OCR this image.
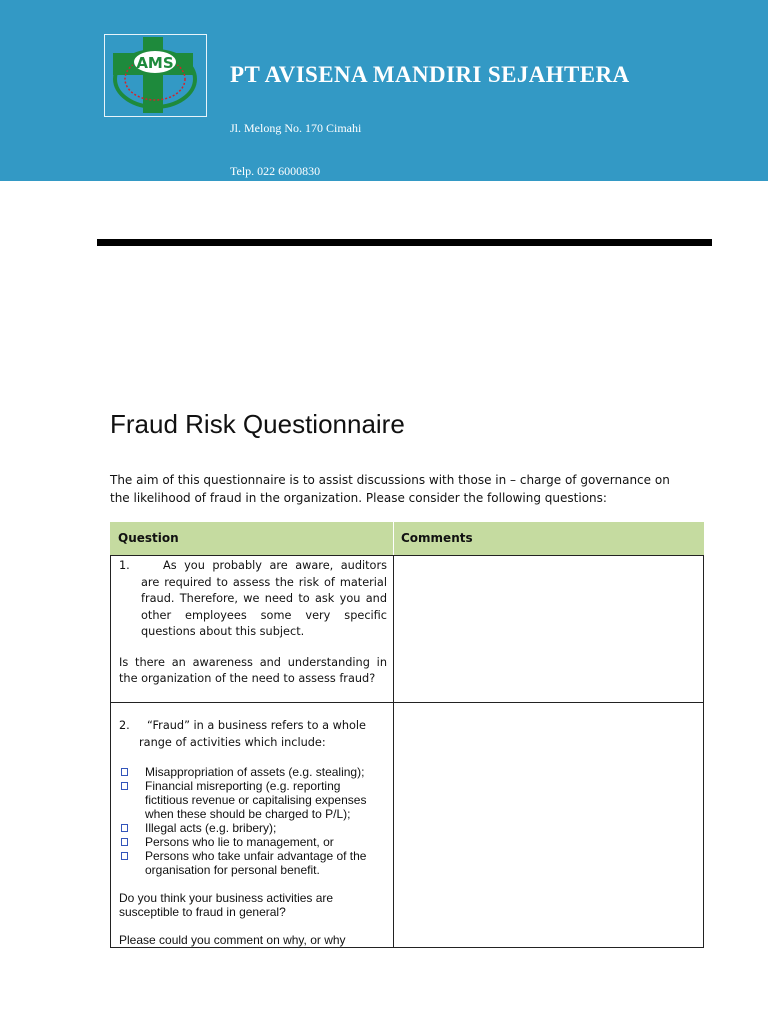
AMS PT AVISENA MANDIRI SEJAHTERA
Jl. Melong No. 170 Cimahi
Telp. 022 6000830
Fraud Risk Questionnaire
The aim of this questionnaire is to assist discussions with those in – charge of governance on the likelihood of fraud in the organization. Please consider the following questions:
Question	Comments
1.	As you probably are aware, auditors are required to assess the risk of material fraud. Therefore, we need to ask you and other employees some very specific questions about this subject.
Is there an awareness and understanding in the organization of the need to assess fraud?
2. “Fraud” in a business refers to a whole
range of activities which include:
Misappropriation of assets (e.g. stealing);
Financial misreporting (e.g. reporting fictitious revenue or capitalising expenses when these should be charged to P/L);
Illegal acts (e.g. bribery);
Persons who lie to management, or
Persons who take unfair advantage of the organisation for personal benefit.
Do you think your business activities are susceptible to fraud in general?
Please could you comment on why, or why
